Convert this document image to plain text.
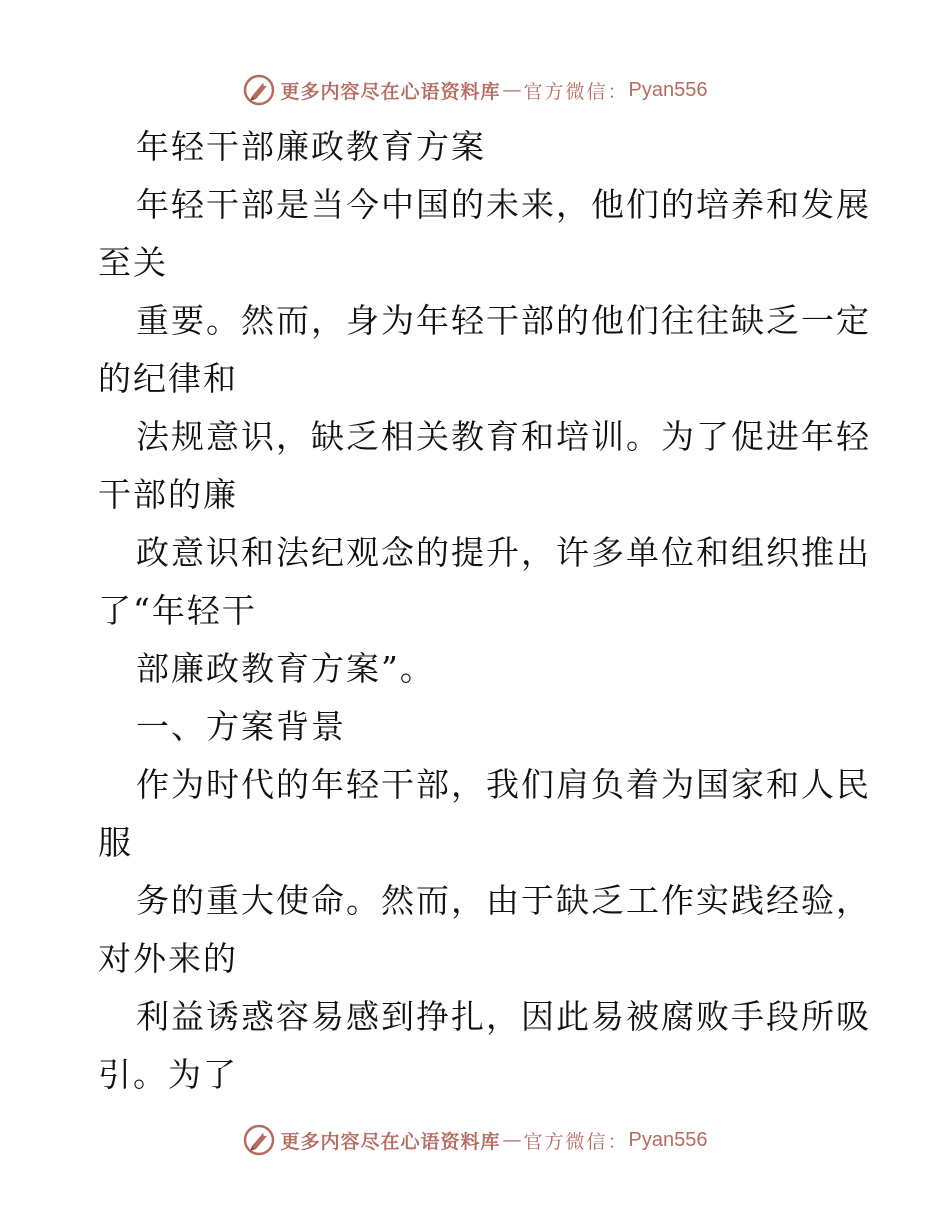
更多内容尽在心语资料库 — 官方微信： Pyan556
年轻干部廉政教育方案
年轻干部是当今中国的未来，他们的培养和发展
至关
重要。然而，身为年轻干部的他们往往缺乏一定
的纪律和
法规意识，缺乏相关教育和培训。为了促进年轻
干部的廉
政意识和法纪观念的提升，许多单位和组织推出
了“年轻干
部廉政教育方案”。
一、方案背景
作为时代的年轻干部，我们肩负着为国家和人民
服
务的重大使命。然而，由于缺乏工作实践经验，
对外来的
利益诱惑容易感到挣扎，因此易被腐败手段所吸
引。为了
更多内容尽在心语资料库 — 官方微信： Pyan556
